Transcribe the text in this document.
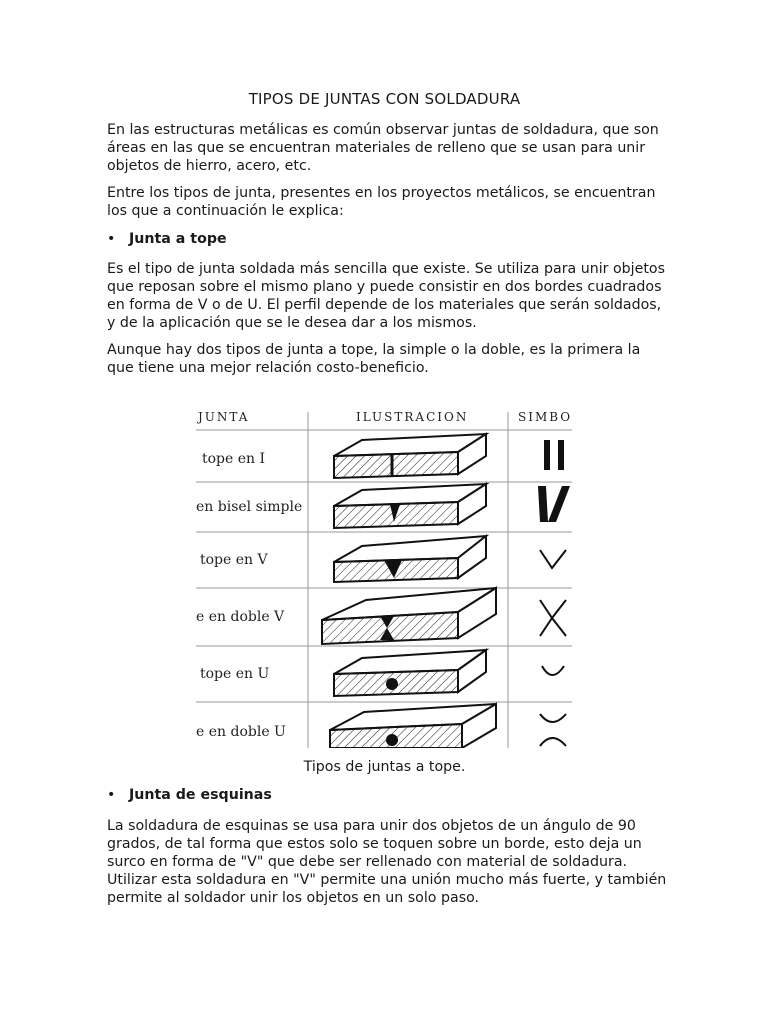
TIPOS DE JUNTAS CON SOLDADURA

En las estructuras metálicas es común observar juntas de soldadura, que son áreas en las que se encuentran materiales de relleno que se usan para unir objetos de hierro, acero, etc.

Entre los tipos de junta, presentes en los proyectos metálicos, se encuentran los que a continuación le explica:

• Junta a tope

Es el tipo de junta soldada más sencilla que existe. Se utiliza para unir objetos que reposan sobre el mismo plano y puede consistir en dos bordes cuadrados en forma de V o de U. El perfil depende de los materiales que serán soldados, y de la aplicación que se le desea dar a los mismos.

Aunque hay dos tipos de junta a tope, la simple o la doble, es la primera la que tiene una mejor relación costo-beneficio.

Tipos de juntas a tope.
• Junta de esquinas

La soldadura de esquinas se usa para unir dos objetos de un ángulo de 90 grados, de tal forma que estos solo se toquen sobre un borde, esto deja un surco en forma de "V" que debe ser rellenado con material de soldadura. Utilizar esta soldadura en "V" permite una unión mucho más fuerte, y también permite al soldador unir los objetos en un solo paso.

JUNTA	ILUSTRACION	SIMBO
tope en I
en bisel simple
tope en V
e en doble V
tope en U
e en doble U
